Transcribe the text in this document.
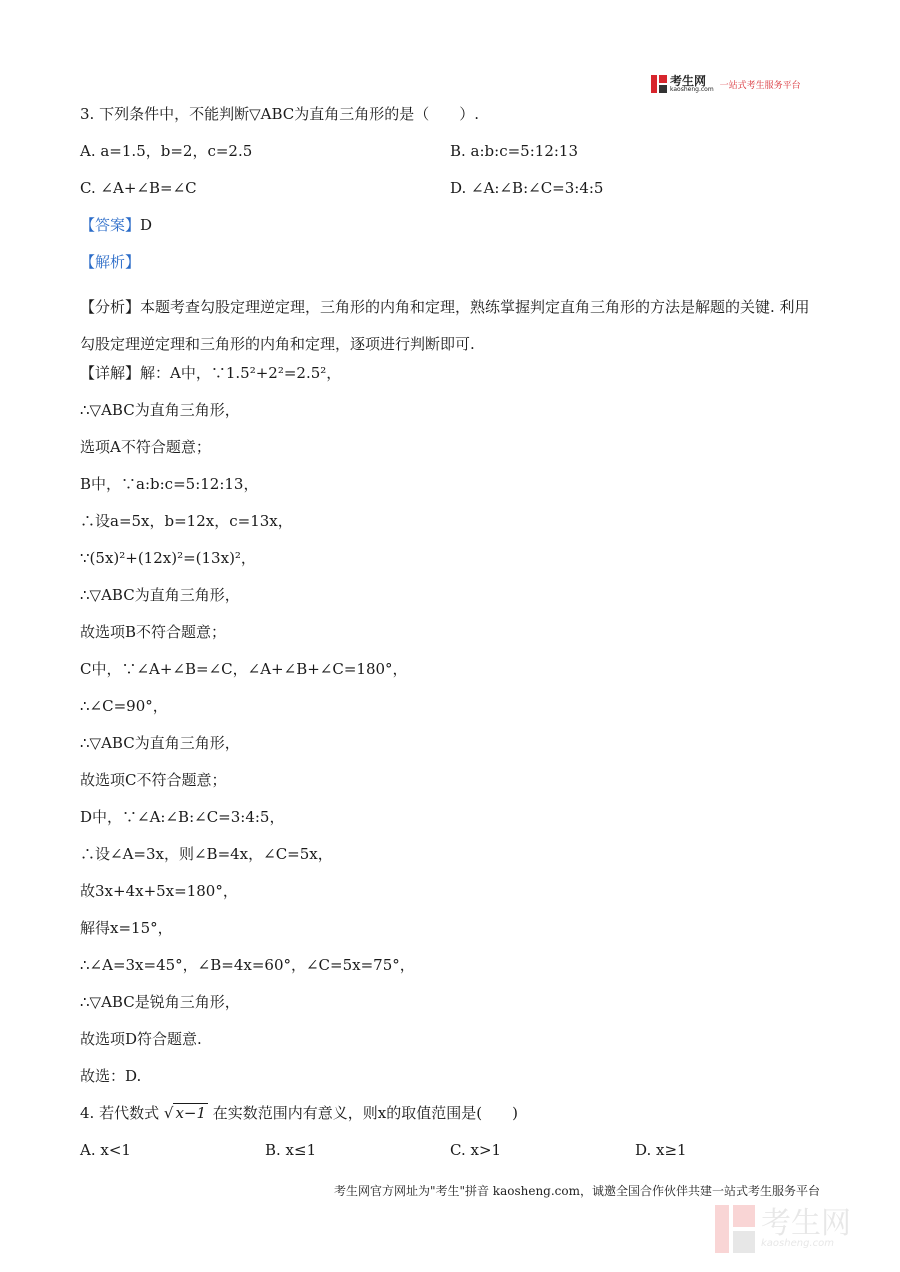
考生网
kaosheng.com 一站式考生服务平台
3. 下列条件中，不能判断▽ABC为直角三角形的是（　　）.
A. a=1.5，b=2，c=2.5	B. a:b:c=5:12:13
C. ∠A+∠B=∠C	D. ∠A:∠B:∠C=3:4:5
【答案】D
【解析】
【分析】本题考查勾股定理逆定理，三角形的内角和定理，熟练掌握判定直角三角形的方法是解题的关键. 利用勾股定理逆定理和三角形的内角和定理，逐项进行判断即可.
【详解】解：A中，∵1.5²+2²=2.5²，
∴▽ABC为直角三角形，
选项A不符合题意；
B中，∵a:b:c=5:12:13，
∴设a=5x，b=12x，c=13x，
∵(5x)²+(12x)²=(13x)²，
∴▽ABC为直角三角形，
故选项B不符合题意；
C中，∵∠A+∠B=∠C，∠A+∠B+∠C=180°，
∴∠C=90°，
∴▽ABC为直角三角形，
故选项C不符合题意；
D中，∵∠A:∠B:∠C=3:4:5，
∴设∠A=3x，则∠B=4x，∠C=5x，
故3x+4x+5x=180°，
解得x=15°，
∴∠A=3x=45°，∠B=4x=60°，∠C=5x=75°，
∴▽ABC是锐角三角形，
故选项D符合题意.
故选：D.
4. 若代数式 √ x−1 在实数范围内有意义，则x的取值范围是(　　)
A. x<1	B. x≤1	C. x>1	D. x≥1
考生网官方网址为"考生"拼音 kaosheng.com，诚邀全国合作伙伴共建一站式考生服务平台
考生网
kaosheng.com
